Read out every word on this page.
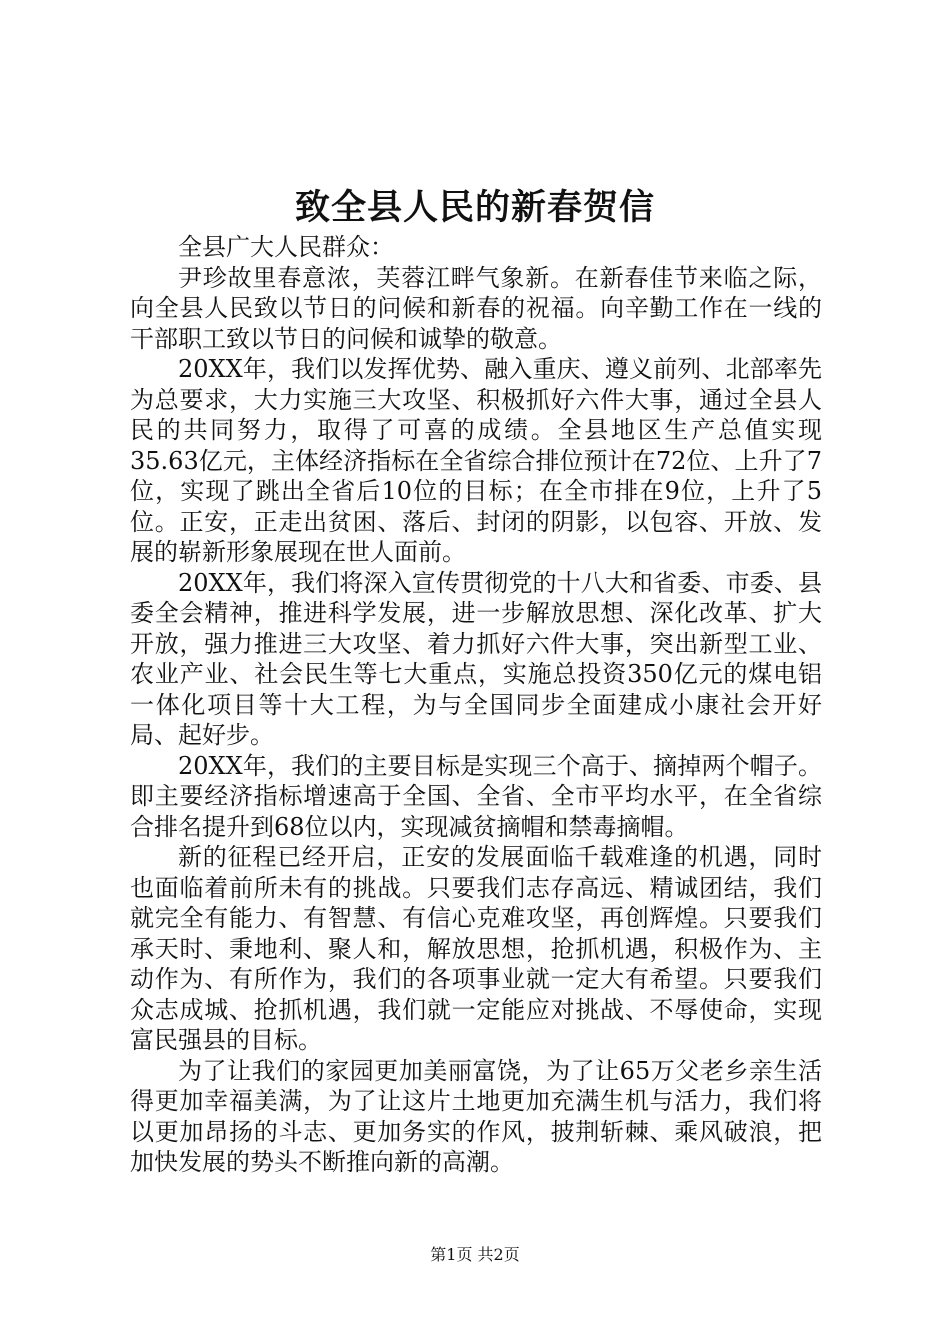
致全县人民的新春贺信
全县广大人民群众：

尹珍故里春意浓，芙蓉江畔气象新。在新春佳节来临之际，向全县人民致以节日的问候和新春的祝福。向辛勤工作在一线的干部职工致以节日的问候和诚挚的敬意。

20XX年，我们以发挥优势、融入重庆、遵义前列、北部率先为总要求，大力实施三大攻坚、积极抓好六件大事，通过全县人民的共同努力，取得了可喜的成绩。全县地区生产总值实现35.63亿元，主体经济指标在全省综合排位预计在72位、上升了7位，实现了跳出全省后10位的目标；在全市排在9位，上升了5位。正安，正走出贫困、落后、封闭的阴影，以包容、开放、发展的崭新形象展现在世人面前。

20XX年，我们将深入宣传贯彻党的十八大和省委、市委、县委全会精神，推进科学发展，进一步解放思想、深化改革、扩大开放，强力推进三大攻坚、着力抓好六件大事，突出新型工业、农业产业、社会民生等七大重点，实施总投资350亿元的煤电铝一体化项目等十大工程，为与全国同步全面建成小康社会开好局、起好步。

20XX年，我们的主要目标是实现三个高于、摘掉两个帽子。即主要经济指标增速高于全国、全省、全市平均水平，在全省综合排名提升到68位以内，实现减贫摘帽和禁毒摘帽。

新的征程已经开启，正安的发展面临千载难逢的机遇，同时也面临着前所未有的挑战。只要我们志存高远、精诚团结，我们就完全有能力、有智慧、有信心克难攻坚，再创辉煌。只要我们承天时、秉地利、聚人和，解放思想，抢抓机遇，积极作为、主动作为、有所作为，我们的各项事业就一定大有希望。只要我们众志成城、抢抓机遇，我们就一定能应对挑战、不辱使命，实现富民强县的目标。

为了让我们的家园更加美丽富饶，为了让65万父老乡亲生活得更加幸福美满，为了让这片土地更加充满生机与活力，我们将以更加昂扬的斗志、更加务实的作风，披荆斩棘、乘风破浪，把加快发展的势头不断推向新的高潮。

第1页 共2页
